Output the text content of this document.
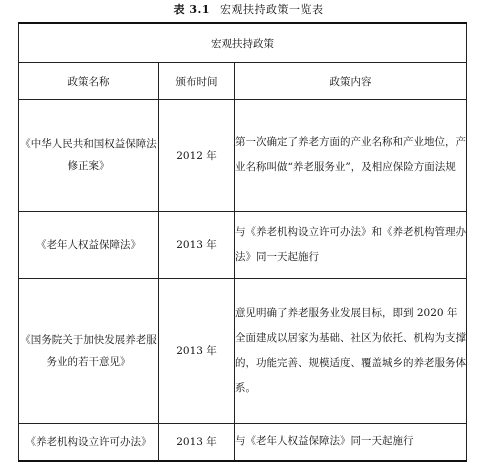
表 3.1 宏观扶持政策一览表
宏观扶持政策		
政策名称	颁布时间	政策内容
《中华人民共和国权益保障法修正案》	2012 年	第一次确定了养老方面的产业名称和产业地位，产业名称叫做“养老服务业”，及相应保险方面法规
《老年人权益保障法》	2013 年	与《养老机构设立许可办法》和《养老机构管理办法》同一天起施行
《国务院关于加快发展养老服务业的若干意见》	2013 年	意见明确了养老服务业发展目标，即到 2020 年全面建成以居家为基础、社区为依托、机构为支撑的，功能完善、规模适度、覆盖城乡的养老服务体系。
《养老机构设立许可办法》	2013 年	与《老年人权益保障法》同一天起施行
